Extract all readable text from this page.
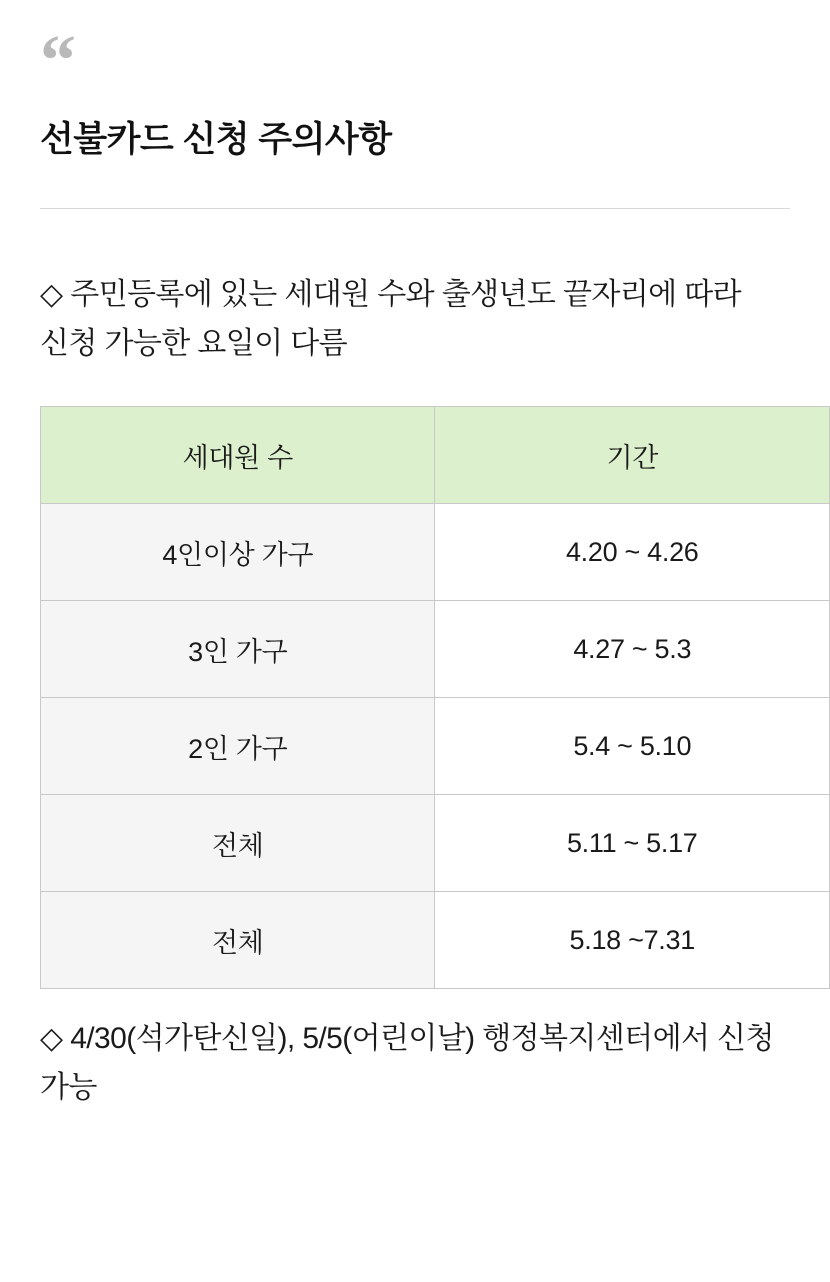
“
선불카드 신청 주의사항

◇ 주민등록에 있는 세대원 수와 출생년도 끝자리에 따라 신청 가능한 요일이 다름

세대원 수	기간
4인이상 가구	4.20 ~ 4.26
3인 가구	4.27 ~ 5.3
2인 가구	5.4 ~ 5.10
전체	5.11 ~ 5.17
전체	5.18 ~7.31

◇ 4/30(석가탄신일), 5/5(어린이날) 행정복지센터에서 신청 가능
